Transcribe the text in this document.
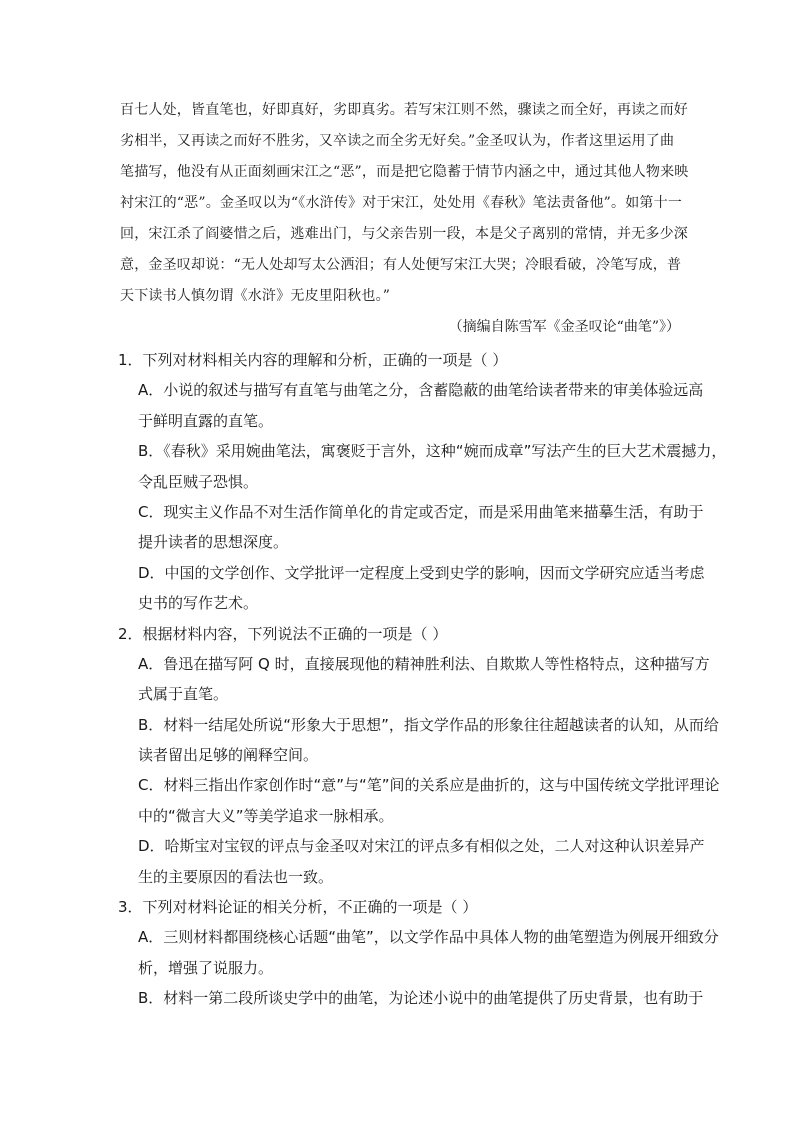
百七人处，皆直笔也，好即真好，劣即真劣。若写宋江则不然，骤读之而全好，再读之而好
劣相半，又再读之而好不胜劣，又卒读之而全劣无好矣。”金圣叹认为，作者这里运用了曲
笔描写，他没有从正面刻画宋江之“恶”，而是把它隐蓄于情节内涵之中，通过其他人物来映
衬宋江的“恶”。金圣叹以为“《水浒传》对于宋江，处处用《春秋》笔法责备他”。如第十一
回，宋江杀了阎婆惜之后，逃难出门，与父亲告别一段，本是父子离别的常情，并无多少深
意，金圣叹却说：“无人处却写太公洒泪；有人处便写宋江大哭；冷眼看破，冷笔写成，普
天下读书人慎勿谓《水浒》无皮里阳秋也。”
（摘编自陈雪军《金圣叹论“曲笔”》）
1．下列对材料相关内容的理解和分析，正确的一项是（ ）
A．小说的叙述与描写有直笔与曲笔之分，含蓄隐蔽的曲笔给读者带来的审美体验远高
于鲜明直露的直笔。
B．《春秋》采用婉曲笔法，寓褒贬于言外，这种“婉而成章”写法产生的巨大艺术震撼力，
令乱臣贼子恐惧。
C．现实主义作品不对生活作简单化的肯定或否定，而是采用曲笔来描摹生活，有助于
提升读者的思想深度。
D．中国的文学创作、文学批评一定程度上受到史学的影响，因而文学研究应适当考虑
史书的写作艺术。
2．根据材料内容，下列说法不正确的一项是（ ）
A．鲁迅在描写阿 Q 时，直接展现他的精神胜利法、自欺欺人等性格特点，这种描写方
式属于直笔。
B．材料一结尾处所说“形象大于思想”，指文学作品的形象往往超越读者的认知，从而给
读者留出足够的阐释空间。
C．材料三指出作家创作时“意”与“笔”间的关系应是曲折的，这与中国传统文学批评理论
中的“微言大义”等美学追求一脉相承。
D．哈斯宝对宝钗的评点与金圣叹对宋江的评点多有相似之处，二人对这种认识差异产
生的主要原因的看法也一致。
3．下列对材料论证的相关分析，不正确的一项是（ ）
A．三则材料都围绕核心话题“曲笔”，以文学作品中具体人物的曲笔塑造为例展开细致分
析，增强了说服力。
B．材料一第二段所谈史学中的曲笔，为论述小说中的曲笔提供了历史背景，也有助于
